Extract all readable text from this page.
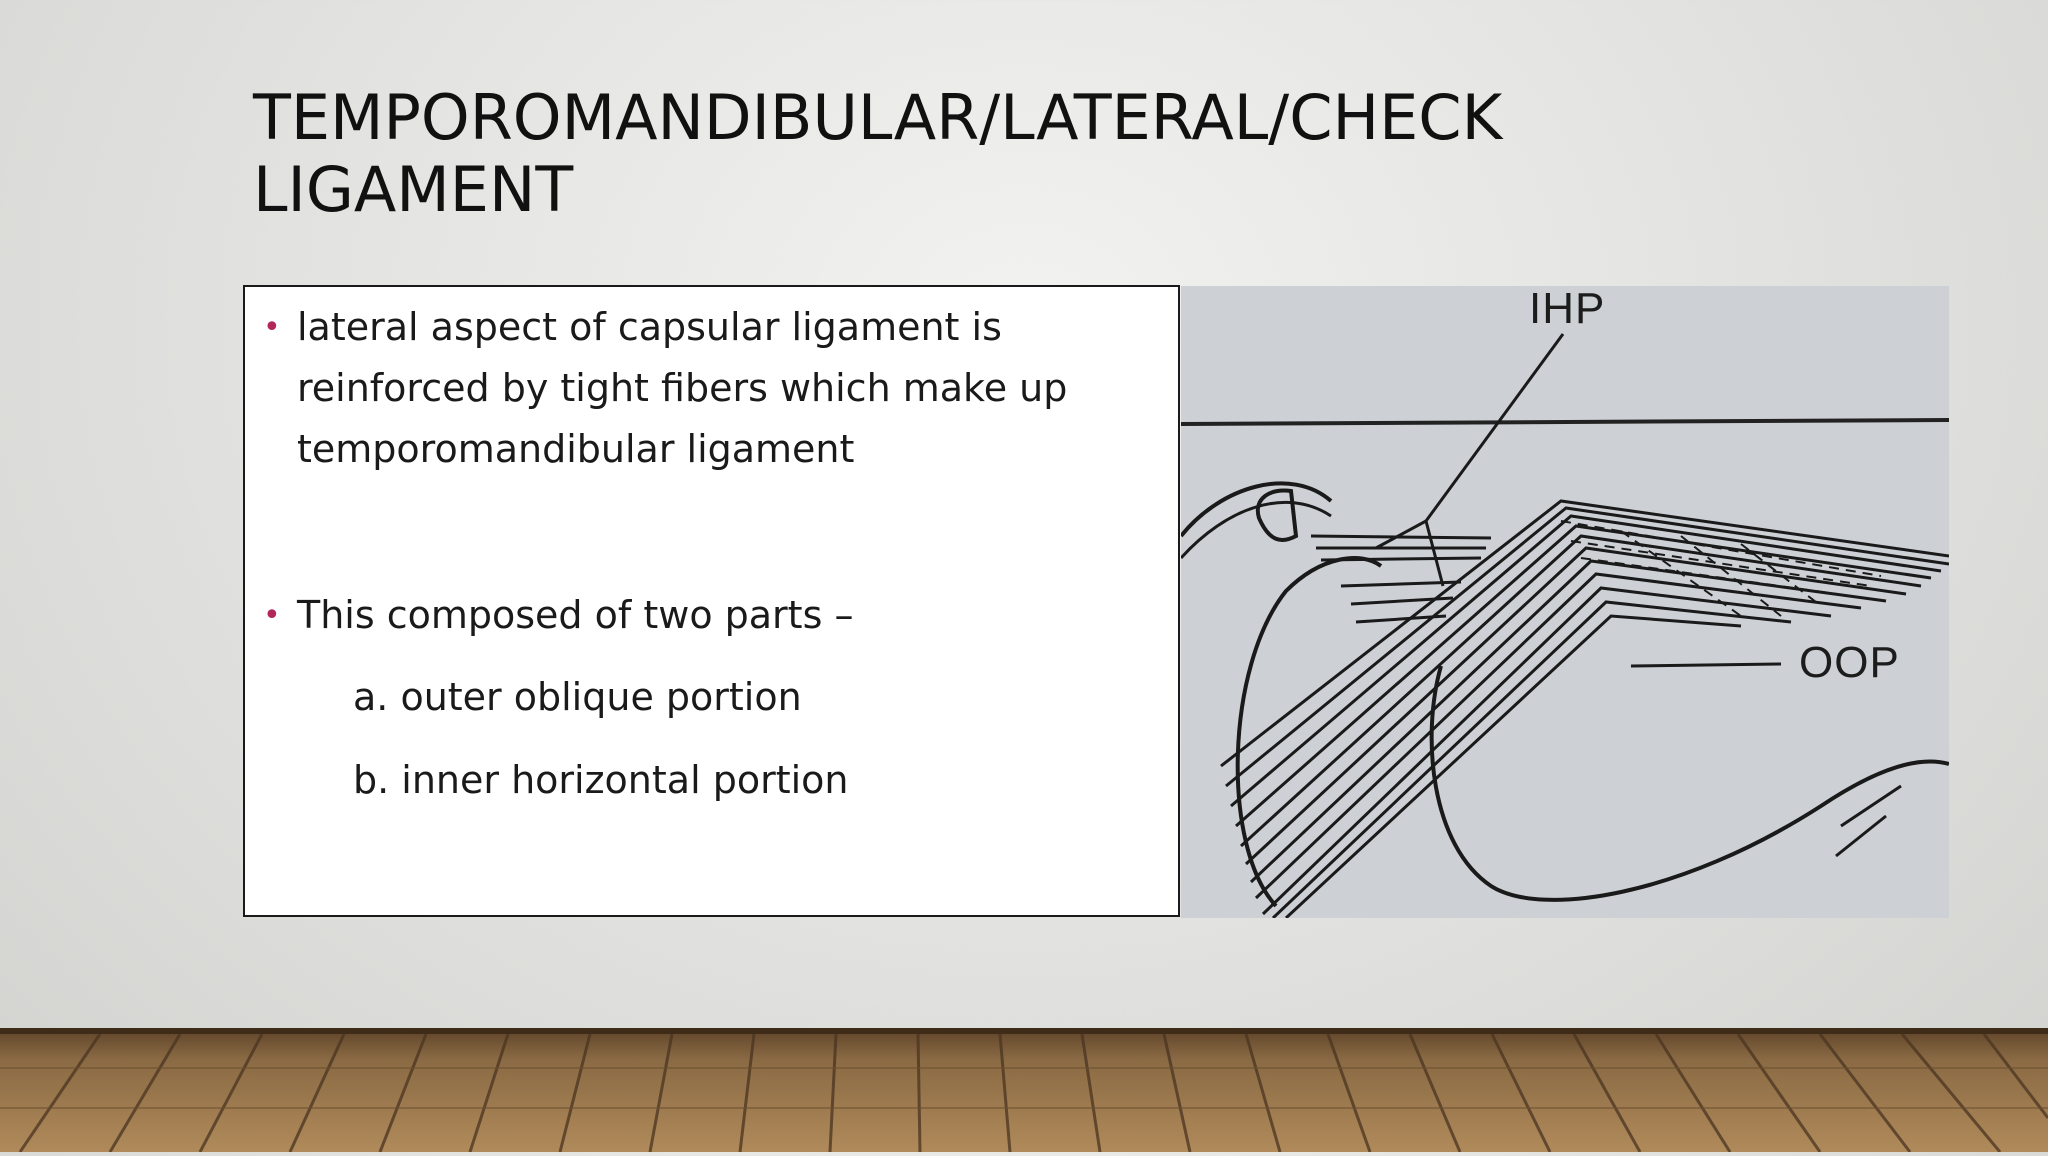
TEMPOROMANDIBULAR/LATERAL/CHECK
LIGAMENT
• lateral aspect of capsular ligament is
reinforced by tight fibers which make up
temporomandibular ligament
• This composed of two parts –
a. outer oblique portion
b. inner horizontal portion
IHP
OOP
